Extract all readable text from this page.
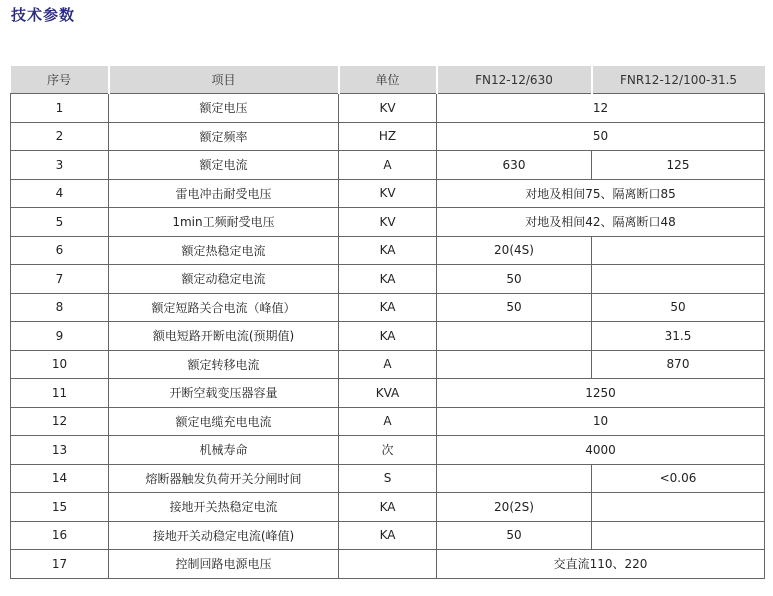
技术参数
序号	项目	单位	FN12-12/630	FNR12-12/100-31.5
1	额定电压	KV	12	
2	额定频率	HZ	50	
3	额定电流	A	630	125
4	雷电冲击耐受电压	KV	对地及相间75、隔离断口85	
5	1min工频耐受电压	KV	对地及相间42、隔离断口48	
6	额定热稳定电流	KA	20(4S)	
7	额定动稳定电流	KA	50	
8	额定短路关合电流（峰值）	KA	50	50
9	额电短路开断电流(预期值)	KA		31.5
10	额定转移电流	A		870
11	开断空载变压器容量	KVA	1250	
12	额定电缆充电电流	A	10	
13	机械寿命	次	4000	
14	熔断器触发负荷开关分闸时间	S		<0.06
15	接地开关热稳定电流	KA	20(2S)	
16	接地开关动稳定电流(峰值)	KA	50	
17	控制回路电源电压		交直流110、220	
